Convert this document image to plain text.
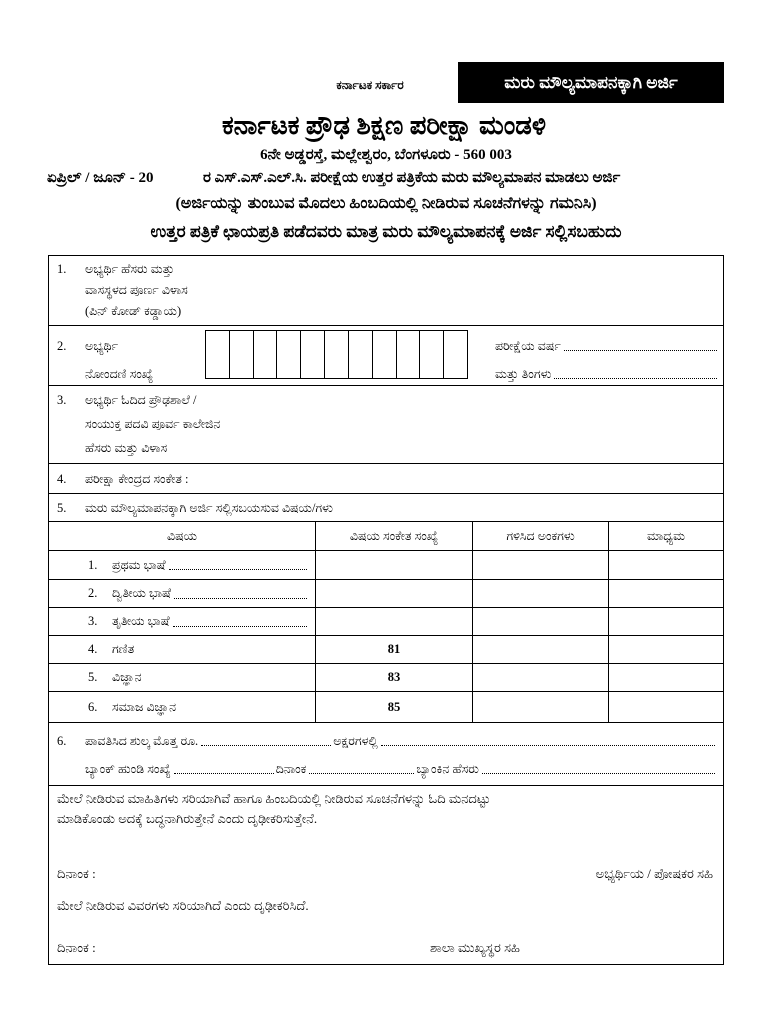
ಕರ್ನಾಟಕ ಸರ್ಕಾರ	ಮರು ಮೌಲ್ಯಮಾಪನಕ್ಕಾಗಿ ಅರ್ಜಿ
ಕರ್ನಾಟಕ ಪ್ರೌಢ ಶಿಕ್ಷಣ ಪರೀಕ್ಷಾ ಮಂಡಳಿ
6ನೇ ಅಡ್ಡರಸ್ತೆ, ಮಲ್ಲೇಶ್ವರಂ, ಬೆಂಗಳೂರು - 560 003
ಏಪ್ರಿಲ್ / ಜೂನ್ - 20	ರ ಎಸ್.ಎಸ್.ಎಲ್.ಸಿ. ಪರೀಕ್ಷೆಯ ಉತ್ತರ ಪತ್ರಿಕೆಯ ಮರು ಮೌಲ್ಯಮಾಪನ ಮಾಡಲು ಅರ್ಜಿ
(ಅರ್ಜಿಯನ್ನು ತುಂಬುವ ಮೊದಲು ಹಿಂಬದಿಯಲ್ಲಿ ನೀಡಿರುವ ಸೂಚನೆಗಳನ್ನು ಗಮನಿಸಿ)
ಉತ್ತರ ಪತ್ರಿಕೆ ಛಾಯಪ್ರತಿ ಪಡೆದವರು ಮಾತ್ರ ಮರು ಮೌಲ್ಯಮಾಪನಕ್ಕೆ ಅರ್ಜಿ ಸಲ್ಲಿಸಬಹುದು
1. ಅಭ್ಯರ್ಥಿ ಹೆಸರು ಮತ್ತು
ವಾಸಸ್ಥಳದ ಪೂರ್ಣ ವಿಳಾಸ
(ಪಿನ್ ಕೋಡ್ ಕಡ್ಡಾಯ)
2. ಅಭ್ಯರ್ಥಿ
ನೋಂದಣಿ ಸಂಖ್ಯೆ
ಪರೀಕ್ಷೆಯ ವರ್ಷ
ಮತ್ತು ತಿಂಗಳು
3. ಅಭ್ಯರ್ಥಿ ಓದಿದ ಪ್ರೌಢಶಾಲೆ /
ಸಂಯುಕ್ತ ಪದವಿ ಪೂರ್ವ ಕಾಲೇಜಿನ
ಹೆಸರು ಮತ್ತು ವಿಳಾಸ
4. ಪರೀಕ್ಷಾ ಕೇಂದ್ರದ ಸಂಕೇತ :
5. ಮರು ಮೌಲ್ಯಮಾಪನಕ್ಕಾಗಿ ಅರ್ಜಿ ಸಲ್ಲಿಸಬಯಸುವ ವಿಷಯ/ಗಳು
ವಿಷಯ	ವಿಷಯ ಸಂಕೇತ ಸಂಖ್ಯೆ	ಗಳಿಸಿದ ಅಂಕಗಳು	ಮಾಧ್ಯಮ
1.	ಪ್ರಥಮ ಭಾಷೆ
2.	ದ್ವಿತೀಯ ಭಾಷೆ
3.	ತೃತೀಯ ಭಾಷೆ
4.	ಗಣಿತ	81
5.	ವಿಜ್ಞಾನ	83
6.	ಸಮಾಜ ವಿಜ್ಞಾನ	85
6. ಪಾವತಿಸಿದ ಶುಲ್ಕ ಮೊತ್ತ ರೂ.	ಅಕ್ಷರಗಳಲ್ಲಿ
ಬ್ಯಾಂಕ್ ಹುಂಡಿ ಸಂಖ್ಯೆ	ದಿನಾಂಕ	ಬ್ಯಾಂಕಿನ ಹೆಸರು
ಮೇಲೆ ನೀಡಿರುವ ಮಾಹಿತಿಗಳು ಸರಿಯಾಗಿವೆ ಹಾಗೂ ಹಿಂಬದಿಯಲ್ಲಿ ನೀಡಿರುವ ಸೂಚನೆಗಳನ್ನು ಓದಿ ಮನದಟ್ಟು
ಮಾಡಿಕೊಂಡು ಅದಕ್ಕೆ ಬದ್ಧನಾಗಿರುತ್ತೇನೆ ಎಂದು ದೃಢೀಕರಿಸುತ್ತೇನೆ.
ದಿನಾಂಕ :	ಅಭ್ಯರ್ಥಿಯ / ಪೋಷಕರ ಸಹಿ
ಮೇಲೆ ನೀಡಿರುವ ವಿವರಗಳು ಸರಿಯಾಗಿದೆ ಎಂದು ದೃಢೀಕರಿಸಿದೆ.
ದಿನಾಂಕ :	ಶಾಲಾ ಮುಖ್ಯಸ್ಥರ ಸಹಿ
